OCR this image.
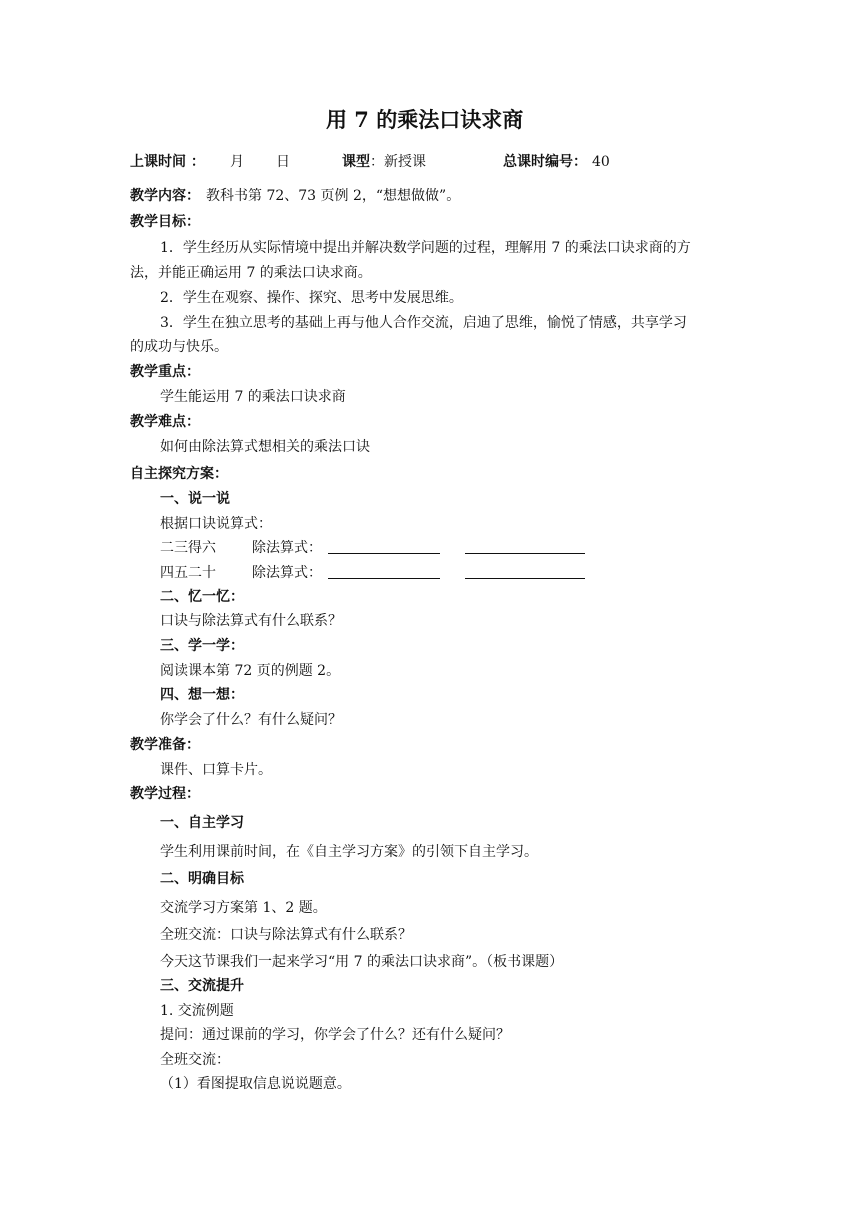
用 7 的乘法口诀求商
上课时间 ： 月 日	课型 ：新授课	总课时编号： 40
教学内容： 教科书第 72、73 页例 2，“想想做做”。
教学目标：
1．学生经历从实际情境中提出并解决数学问题的过程，理解用 7 的乘法口诀求商的方
法，并能正确运用 7 的乘法口诀求商。
2．学生在观察、操作、探究、思考中发展思维。
3．学生在独立思考的基础上再与他人合作交流，启迪了思维，愉悦了情感，共享学习
的成功与快乐。
教学重点：
学生能运用 7 的乘法口诀求商
教学难点：
如何由除法算式想相关的乘法口诀
自主探究方案：
一、说一说
根据口诀说算式：
二三得六	除法算式：
四五二十	除法算式：
二、忆一忆：
口诀与除法算式有什么联系？
三、学一学：
阅读课本第 72 页的例题 2。
四、想一想：
你学会了什么？有什么疑问？
教学准备：
课件、口算卡片。
教学过程：
一、自主学习
学生利用课前时间，在《自主学习方案》的引领下自主学习。
二、明确目标
交流学习方案第 1、2 题。
全班交流：口诀与除法算式有什么联系？
今天这节课我们一起来学习“用 7 的乘法口诀求商”。（板书课题）
三、交流提升
1. 交流例题
提问：通过课前的学习，你学会了什么？还有什么疑问？
全班交流：
（1）看图提取信息说说题意。
